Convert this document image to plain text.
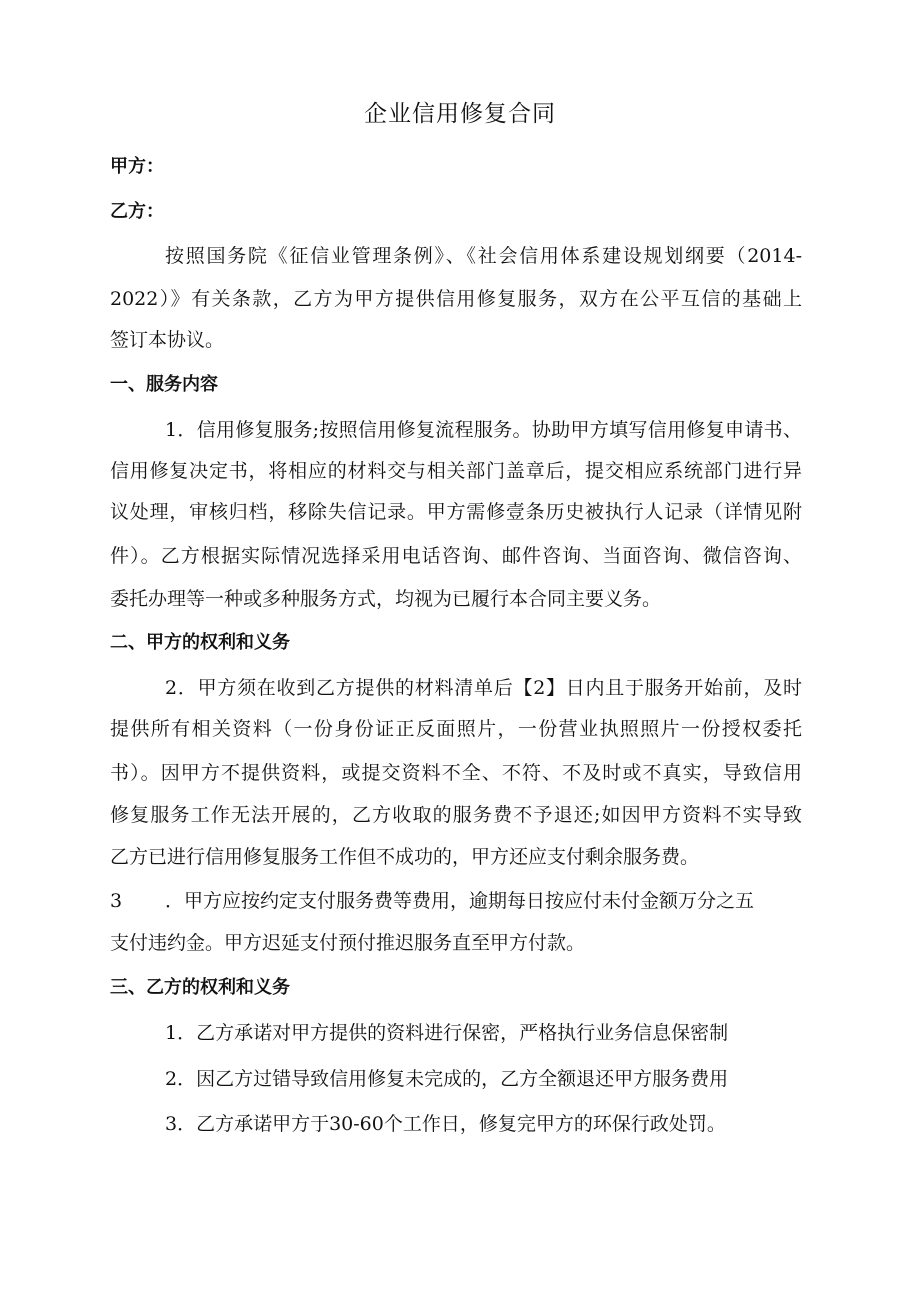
企业信用修复合同
甲方：
乙方：
按照国务院《征信业管理条例》、《社会信用体系建设规划纲要（2014-
2022）》有关条款，乙方为甲方提供信用修复服务，双方在公平互信的基础上
签订本协议。
一、服务内容
1．信用修复服务;按照信用修复流程服务。协助甲方填写信用修复申请书、
信用修复决定书，将相应的材料交与相关部门盖章后，提交相应系统部门进行异
议处理，审核归档，移除失信记录。甲方需修壹条历史被执行人记录（详情见附
件）。乙方根据实际情况选择采用电话咨询、邮件咨询、当面咨询、微信咨询、
委托办理等一种或多种服务方式，均视为已履行本合同主要义务。
二、甲方的权利和义务
2．甲方须在收到乙方提供的材料清单后【2】日内且于服务开始前，及时
提供所有相关资料（一份身份证正反面照片，一份营业执照照片一份授权委托
书）。因甲方不提供资料，或提交资料不全、不符、不及时或不真实，导致信用
修复服务工作无法开展的，乙方收取的服务费不予退还;如因甲方资料不实导致
乙方已进行信用修复服务工作但不成功的，甲方还应支付剩余服务费。
3 ．甲方应按约定支付服务费等费用，逾期每日按应付未付金额万分之五
支付违约金。甲方迟延支付预付推迟服务直至甲方付款。
三、乙方的权利和义务
1．乙方承诺对甲方提供的资料进行保密，严格执行业务信息保密制
2．因乙方过错导致信用修复未完成的，乙方全额退还甲方服务费用
3．乙方承诺甲方于30-60个工作日，修复完甲方的环保行政处罚。
